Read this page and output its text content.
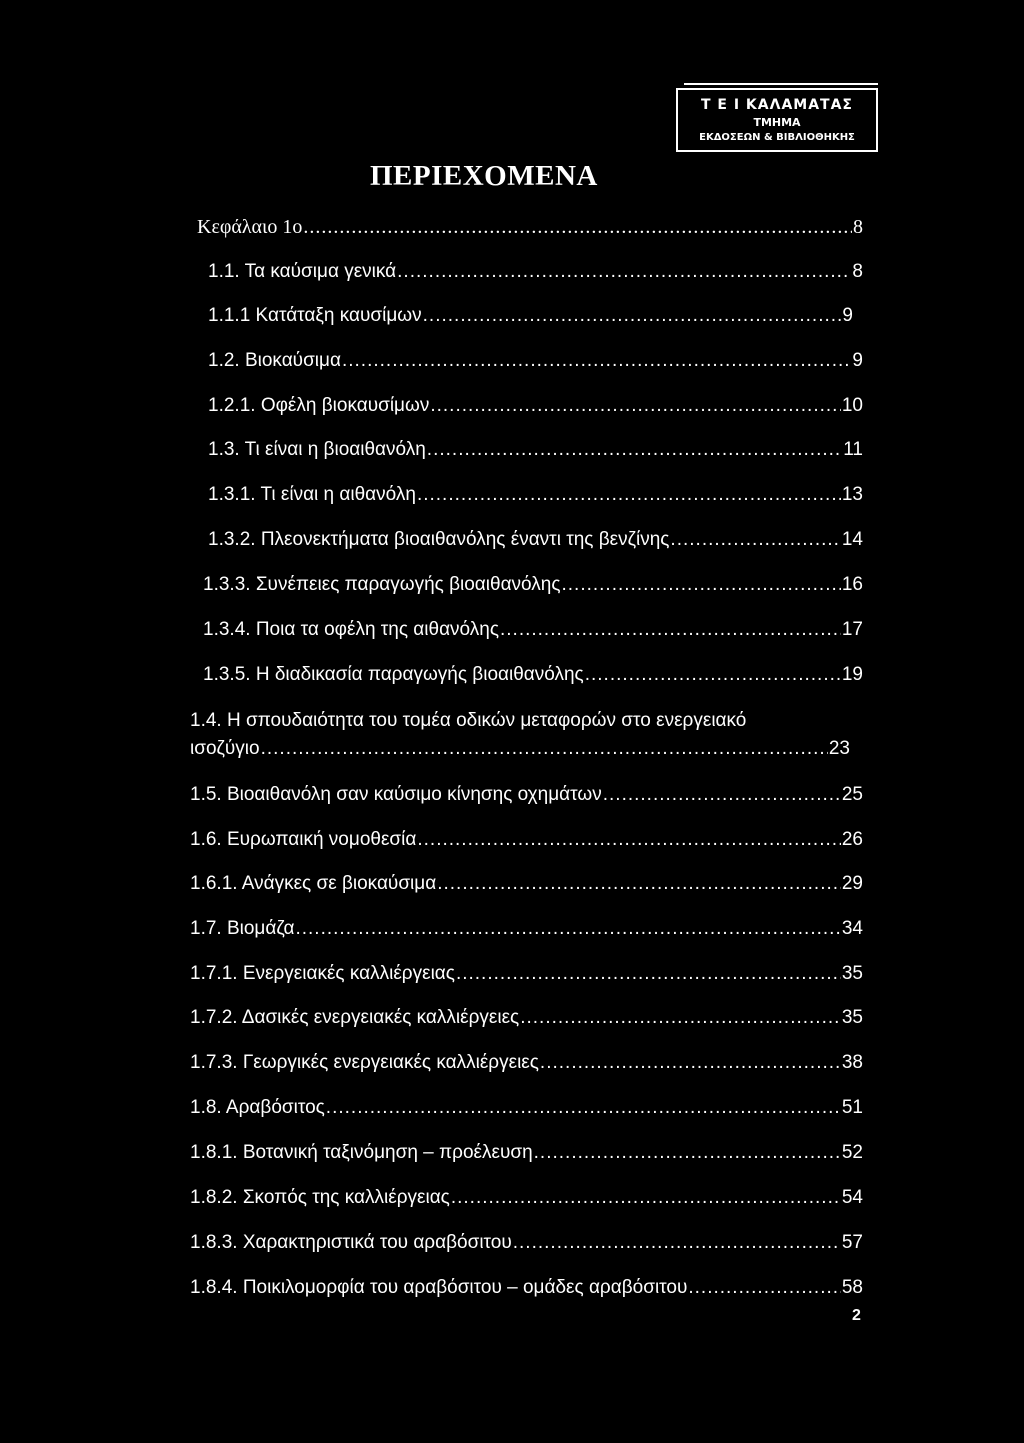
Τ Ε Ι ΚΑΛΑΜΑΤΑΣ
ΤΜΗΜΑ
ΕΚΔΟΣΕΩΝ & ΒΙΒΛΙΟΘΗΚΗΣ
ΠΕΡΙΕΧΟΜΕΝΑ
Κεφάλαιο 1ο .....	8
1.1. Τα καύσιμα γενικά .....	8
1.1.1 Κατάταξη καυσίμων .....	9
1.2. Βιοκαύσιμα .....	9
1.2.1. Οφέλη βιοκαυσίμων .....	10
1.3. Τι είναι η βιοαιθανόλη .....	11
1.3.1. Τι είναι η αιθανόλη .....	13
1.3.2. Πλεονεκτήματα βιοαιθανόλης έναντι της βενζίνης .....	14
1.3.3. Συνέπειες παραγωγής βιοαιθανόλης .....	16
1.3.4. Ποια τα οφέλη της αιθανόλης .....	17
1.3.5. Η διαδικασία παραγωγής βιοαιθανόλης .....	19
1.4. Η σπουδαιότητα του τομέα οδικών μεταφορών στο ενεργειακό
ισοζύγιο .....	23
1.5. Βιοαιθανόλη σαν καύσιμο κίνησης οχημάτων .....	25
1.6. Ευρωπαική νομοθεσία .....	26
1.6.1. Ανάγκες σε βιοκαύσιμα .....	29
1.7. Βιομάζα .....	34
1.7.1. Ενεργειακές καλλιέργειας .....	35
1.7.2. Δασικές ενεργειακές καλλιέργειες .....	35
1.7.3. Γεωργικές ενεργειακές καλλιέργειες .....	38
1.8. Αραβόσιτος .....	51
1.8.1. Βοτανική ταξινόμηση – προέλευση .....	52
1.8.2. Σκοπός της καλλιέργειας .....	54
1.8.3. Χαρακτηριστικά του αραβόσιτου .....	57
1.8.4. Ποικιλομορφία του αραβόσιτου – ομάδες αραβόσιτου .....	58
2
